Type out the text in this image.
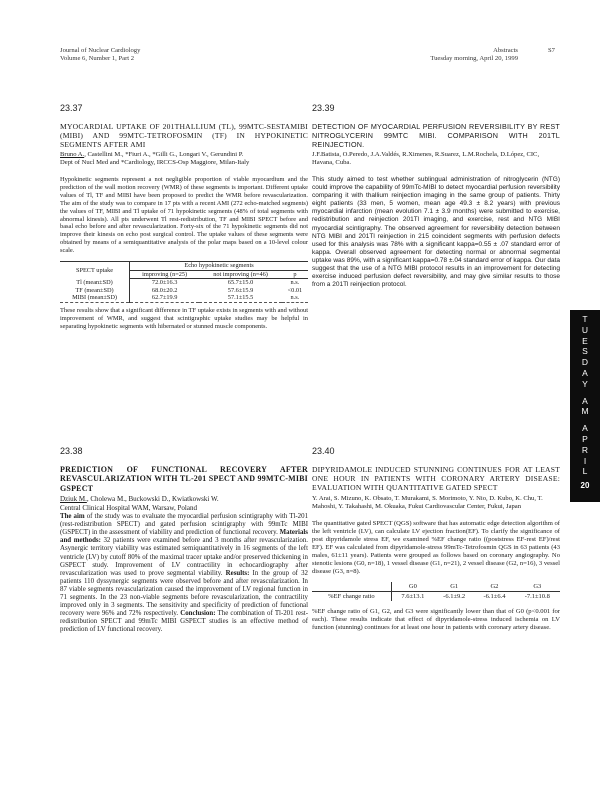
Journal of Nuclear Cardiology
Volume 6, Number 1, Part 2
Abstracts
Tuesday morning, April 20, 1999
S7
23.37
MYOCARDIAL UPTAKE OF 201THALLIUM (TL), 99MTC-SESTAMIBI (MIBI) AND 99MTC-TETROFOSMIN (TF) IN HYPOKINETIC SEGMENTS AFTER AMI
Bruno A., Castellini M., *Fiuri A., *Gilli G., Longari V., Gerundini P.
Dept of Nucl Med and *Cardiology, IRCCS-Osp Maggiore, Milan-Italy
Hypokinetic segments represent a not negligible proportion of viable myocardium and the prediction of the wall motion recovery (WMR) of these segments is important. Different uptake values of Tl, TF and MIBI have been proposed to predict the WMR before revascularization. The aim of the study was to compare in 17 pts with a recent AMI (272 echo-matched segments) the values of TF, MIBI and Tl uptake of 71 hypokinetic segments (48% of total segments with abnormal kinesis). All pts underwent Tl rest-redistribution, TF and MIBI SPECT before and basal echo before and after revascularization. Forty-six of the 71 hypokinetic segments did not improve their kinesis on echo post surgical control. The uptake values of these segments were obtained by means of a semiquantitative analysis of the polar maps based on a 10-level colour scale.
SPECT uptake	Echo hypokinetic segments		
	improving (n=25)	not improving (n=46)	p
Tl (mean±SD)	72.0±16.3	65.7±15.0	n.s.
TF (mean±SD)	68.0±20.2	57.6±15.9	<0.01
MIBI (mean±SD)	62.7±19.9	57.1±15.5	n.s.
These results show that a significant difference in TF uptake exists in segments with and without improvement of WMR, and suggest that scintigraphic uptake studies may be helpful in separating hypokinetic segments with hibernated or stunned muscle components.
23.39
DETECTION OF MYOCARDIAL PERFUSION REVERSIBILITY BY REST NITROGLYCERIN 99MTC MIBI. COMPARISON WITH 201TL REINJECTION.
J.F.Batista, O.Peredo, J.A.Valdés, R.Ximenes, R.Suarez, L.M.Rochela, D.López, CIC, Havana, Cuba.
This study aimed to test whether sublingual administration of nitroglycerin (NTG) could improve the capability of 99mTc-MIBI to detect myocardial perfusion reversibility comparing it with thallium reinjection imaging in the same group of patients. Thirty eight patients (33 men, 5 women, mean age 49.3 ± 8.2 years) with previous myocardial infarction (mean evolution 7.1 ± 3.9 months) were submitted to exercise, redistribution and reinjection 201Tl imaging, and exercise, rest and NTG MIBI myocardial scintigraphy. The observed agreement for reversibility detection between NTG MIBI and 201Tl reinjection in 215 coincident segments with perfusion defects used for this analysis was 78% with a significant kappa=0.55 ± .07 standard error of kappa. Overall observed agreement for detecting normal or abnormal segmental uptake was 89%, with a significant kappa=0.78 ±.04 standard error of kappa. Our data suggest that the use of a NTG MIBI protocol results in an improvement for detecting exercise induced perfusion defect reversibility, and may give similar results to those from a 201Tl reinjection protocol.
T
U
E
S
D
A
Y
A
M
A
P
R
I
L
20
23.38
PREDICTION OF FUNCTIONAL RECOVERY AFTER REVASCULARIZATION WITH TL-201 SPECT AND 99MTC-MIBI GSPECT
Dziuk M., Cholewa M., Buckowski D., Kwiatkowski W.
Central Clinical Hospital WAM, Warsaw, Poland
The aim of the study was to evaluate the myocardial perfusion scintigraphy with Tl-201 (rest-redistribution SPECT) and gated perfusion scintigraphy with 99mTc MIBI (GSPECT) in the assessment of viability and prediction of functional recovery. Materials and methods: 32 patients were examined before and 3 months after revascularization. Asynergic territory viability was estimated semiquantitatively in 16 segments of the left ventricle (LV) by cutoff 80% of the maximal tracer uptake and/or preserved thickening in GSPECT study. Improvement of LV contractility in echocardiography after revascularization was used to prove segmental viability. Results: In the group of 32 patients 110 dyssynergic segments were observed before and after revascularization. In 87 viable segments revascularization caused the improvement of LV regional function in 71 segments. In the 23 non-viable segments before revascularization, the contractility improved only in 3 segments. The sensitivity and specificity of prediction of functional recovery were 96% and 72% respectively. Conclusion: The combination of Tl-201 rest-redistribution SPECT and 99mTc MIBI GSPECT studies is an effective method of prediction of LV functional recovery.
23.40
DIPYRIDAMOLE INDUCED STUNNING CONTINUES FOR AT LEAST ONE HOUR IN PATIENTS WITH CORONARY ARTERY DISEASE: EVALUATION WITH QUANTITATIVE GATED SPECT
Y. Arai, S. Mizuno, K. Obsato, T. Murakami, S. Morimoto, Y. Nio, D. Kubo, K. Chu, T. Mahoshi, Y. Takahashi, M. Okuaka, Fukui Cardiovascular Center, Fukui, Japan
The quantitative gated SPECT (QGS) software that has automatic edge detection algorithm of the left ventricle (LV), can calculate LV ejection fraction(EF). To clarify the significance of post dipyridamole stress EF, we examined %EF change ratio ((poststress EF-rest EF)/rest EF). EF was calculated from dipyridamole-stress 99mTc-Tetrofosmin QGS in 63 patients (43 males, 61±11 years). Patients were grouped as follows based on coronary angiography. No stenotic lesions (G0, n=18), 1 vessel disease (G1, n=21), 2 vessel disease (G2, n=16), 3 vessel disease (G3, n=8).
	G0	G1	G2	G3
%EF change ratio	7.6±13.1	-6.1±9.2	-6.1±6.4	-7.1±10.8
%EF change ratio of G1, G2, and G3 were significantly lower than that of G0 (p<0.001 for each). These results indicate that effect of dipyridamole-stress induced ischemia on LV function (stunning) continues for at least one hour in patients with coronary artery disease.
